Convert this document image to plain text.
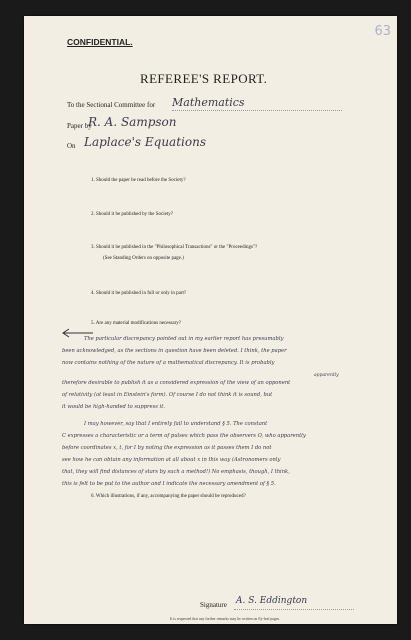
63
CONFIDENTIAL.
REFEREE'S REPORT.
To the Sectional Committee for Mathematics
Paper by
R. A. Sampson
On Laplace's Equations
1. Should the paper be read before the Society?
2. Should it be published by the Society?
3. Should it be published in the "Philosophical Transactions" or the "Proceedings"?
(See Standing Orders on opposite page.)
4. Should it be published in full or only in part?
5. Are any material modifications necessary?
apparently
The particular discrepancy pointed out in my earlier report has presumably
been acknowledged, as the sections in question have been deleted. I think, the paper
now contains nothing of the nature of a mathematical discrepancy. It is probably
therefore desirable to publish it as a considered expression of the view of an opponent
of relativity (at least in Einstein's form). Of course I do not think it is sound, but
it would be high-handed to suppress it.
I may however, say that I entirely fail to understand § 5. The constant
C expresses a characteristic or a term of pulses which pass the observers O, who apparently
before coordinates x, t, for I by noting the expression as it passes them I do not
see how he can obtain any information at all about x in this way (Astronomers only
that, they will find distances of stars by such a method!) No emphasis, though, I think,
this is felt to be put to the author and I indicate the necessary amendment of § 5.
6. Which illustrations, if any, accompanying the paper should be reproduced?
Signature A. S. Eddington
It is requested that any further remarks may be written on fly-leaf pages.
